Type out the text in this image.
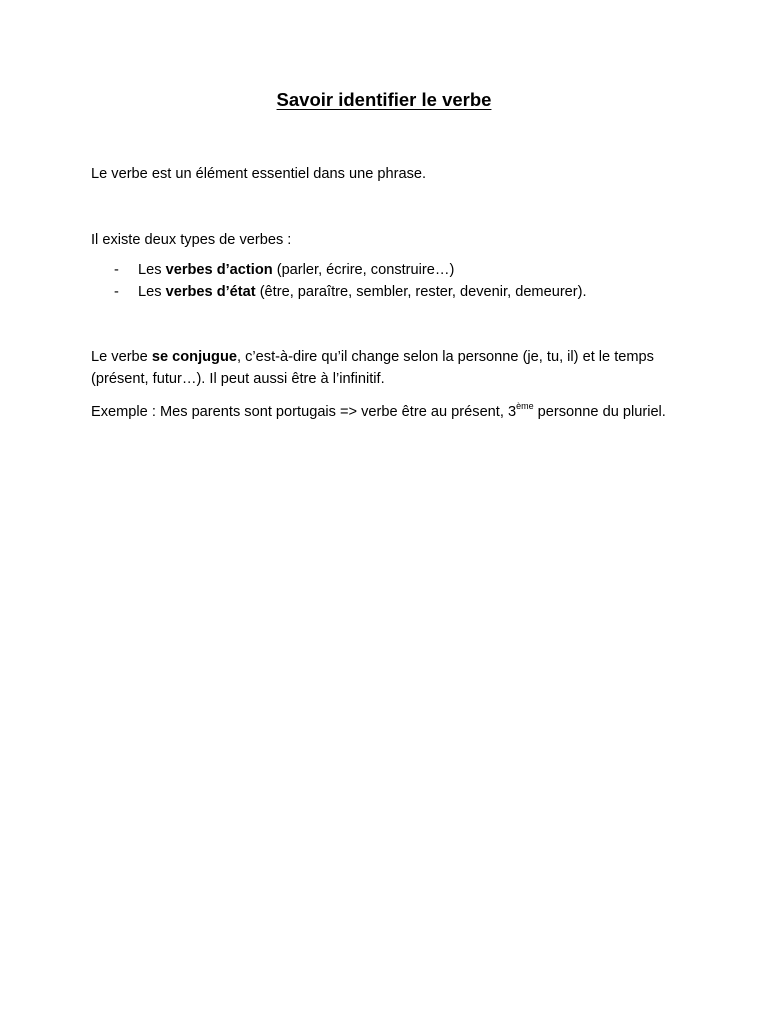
Savoir identifier le verbe
Le verbe est un élément essentiel dans une phrase.
Il existe deux types de verbes :
- Les verbes d’action (parler, écrire, construire…)
- Les verbes d’état (être, paraître, sembler, rester, devenir, demeurer).
Le verbe se conjugue, c’est-à-dire qu’il change selon la personne (je, tu, il) et le temps (présent, futur…). Il peut aussi être à l’infinitif.
Exemple : Mes parents sont portugais => verbe être au présent, 3ème personne du pluriel.
